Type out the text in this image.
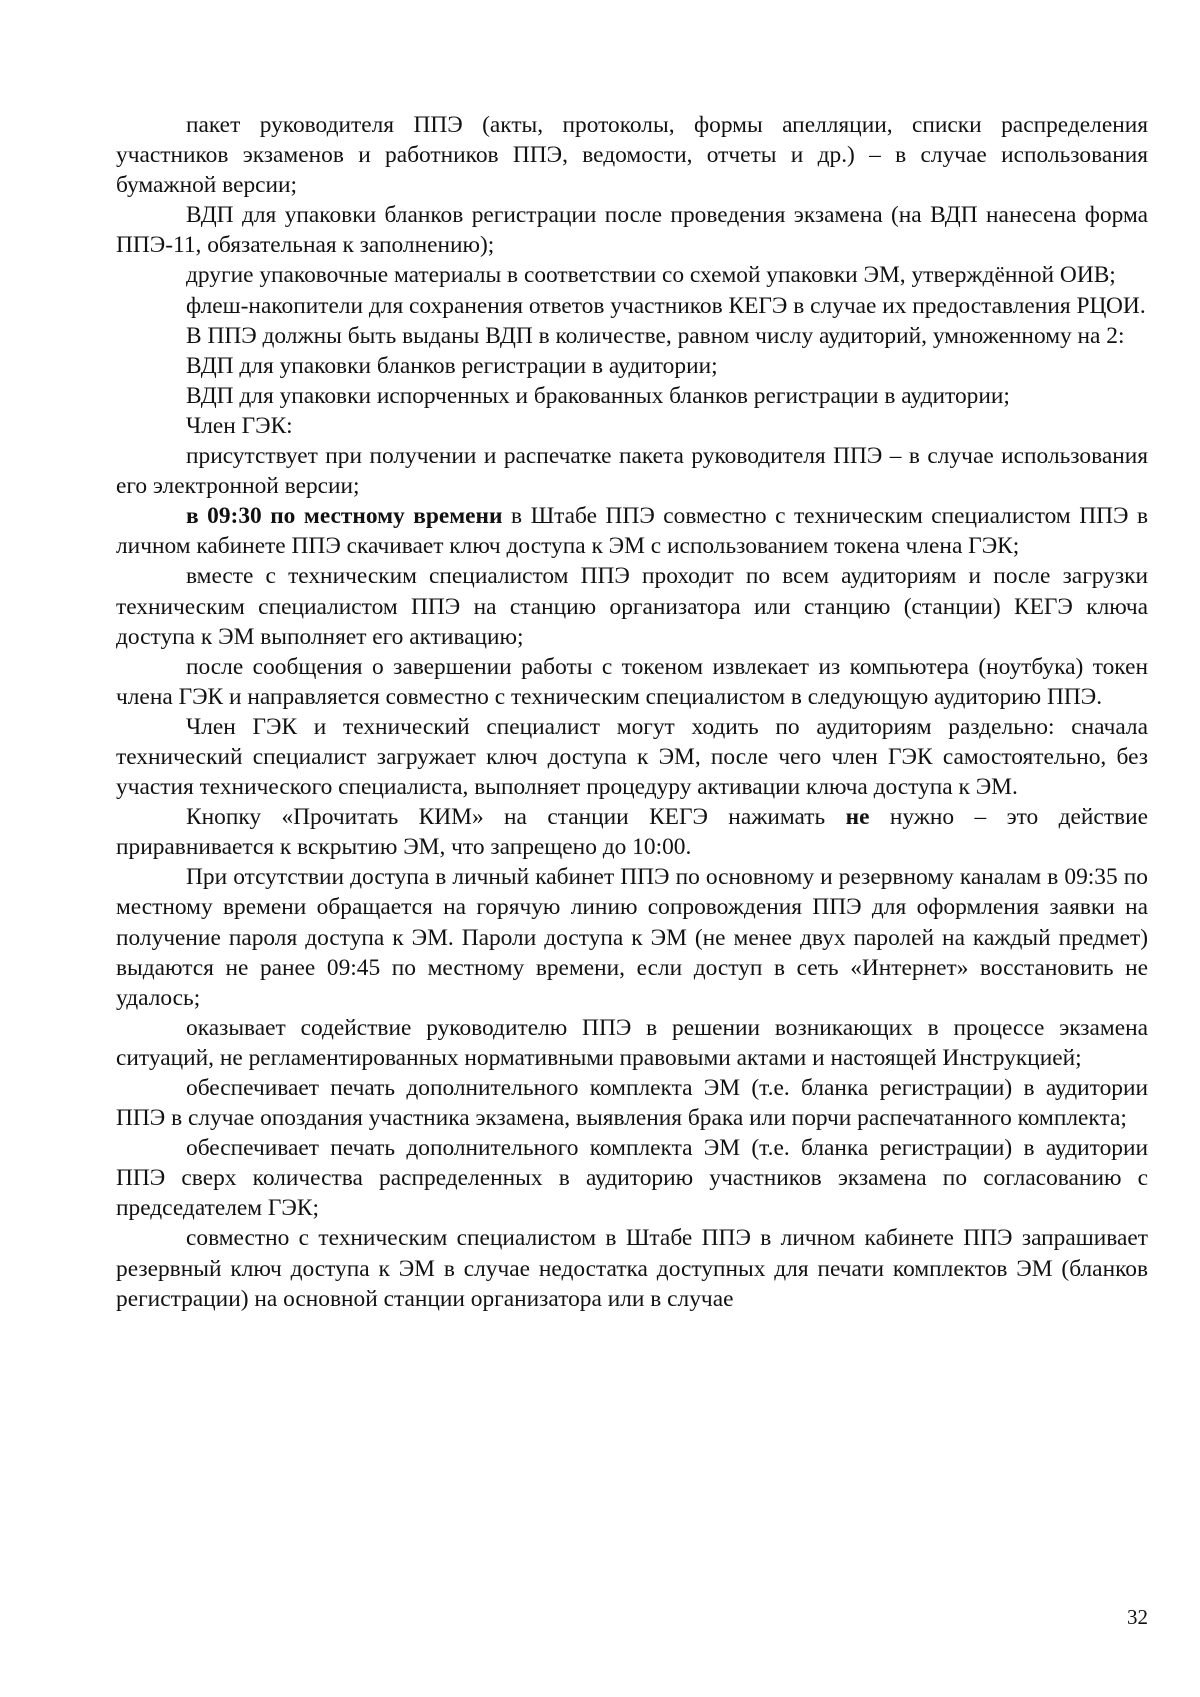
пакет руководителя ППЭ (акты, протоколы, формы апелляции, списки распределения участников экзаменов и работников ППЭ, ведомости, отчеты и др.) – в случае использования бумажной версии;

ВДП для упаковки бланков регистрации после проведения экзамена (на ВДП нанесена форма ППЭ-11, обязательная к заполнению);

другие упаковочные материалы в соответствии со схемой упаковки ЭМ, утверждённой ОИВ;

флеш-накопители для сохранения ответов участников КЕГЭ в случае их предоставления РЦОИ.

В ППЭ должны быть выданы ВДП в количестве, равном числу аудиторий, умноженному на 2:

ВДП для упаковки бланков регистрации в аудитории;

ВДП для упаковки испорченных и бракованных бланков регистрации в аудитории;

Член ГЭК:

присутствует при получении и распечатке пакета руководителя ППЭ – в случае использования его электронной версии;

в 09:30 по местному времени в Штабе ППЭ совместно с техническим специалистом ППЭ в личном кабинете ППЭ скачивает ключ доступа к ЭМ с использованием токена члена ГЭК;

вместе с техническим специалистом ППЭ проходит по всем аудиториям и после загрузки техническим специалистом ППЭ на станцию организатора или станцию (станции) КЕГЭ ключа доступа к ЭМ выполняет его активацию;

после сообщения о завершении работы с токеном извлекает из компьютера (ноутбука) токен члена ГЭК и направляется совместно с техническим специалистом в следующую аудиторию ППЭ.

Член ГЭК и технический специалист могут ходить по аудиториям раздельно: сначала технический специалист загружает ключ доступа к ЭМ, после чего член ГЭК самостоятельно, без участия технического специалиста, выполняет процедуру активации ключа доступа к ЭМ.

Кнопку «Прочитать КИМ» на станции КЕГЭ нажимать не нужно – это действие приравнивается к вскрытию ЭМ, что запрещено до 10:00.

При отсутствии доступа в личный кабинет ППЭ по основному и резервному каналам в 09:35 по местному времени обращается на горячую линию сопровождения ППЭ для оформления заявки на получение пароля доступа к ЭМ. Пароли доступа к ЭМ (не менее двух паролей на каждый предмет) выдаются не ранее 09:45 по местному времени, если доступ в сеть «Интернет» восстановить не удалось;

оказывает содействие руководителю ППЭ в решении возникающих в процессе экзамена ситуаций, не регламентированных нормативными правовыми актами и настоящей Инструкцией;

обеспечивает печать дополнительного комплекта ЭМ (т.е. бланка регистрации) в аудитории ППЭ в случае опоздания участника экзамена, выявления брака или порчи распечатанного комплекта;

обеспечивает печать дополнительного комплекта ЭМ (т.е. бланка регистрации) в аудитории ППЭ сверх количества распределенных в аудиторию участников экзамена по согласованию с председателем ГЭК;

совместно с техническим специалистом в Штабе ППЭ в личном кабинете ППЭ запрашивает резервный ключ доступа к ЭМ в случае недостатка доступных для печати комплектов ЭМ (бланков регистрации) на основной станции организатора или в случае

32
